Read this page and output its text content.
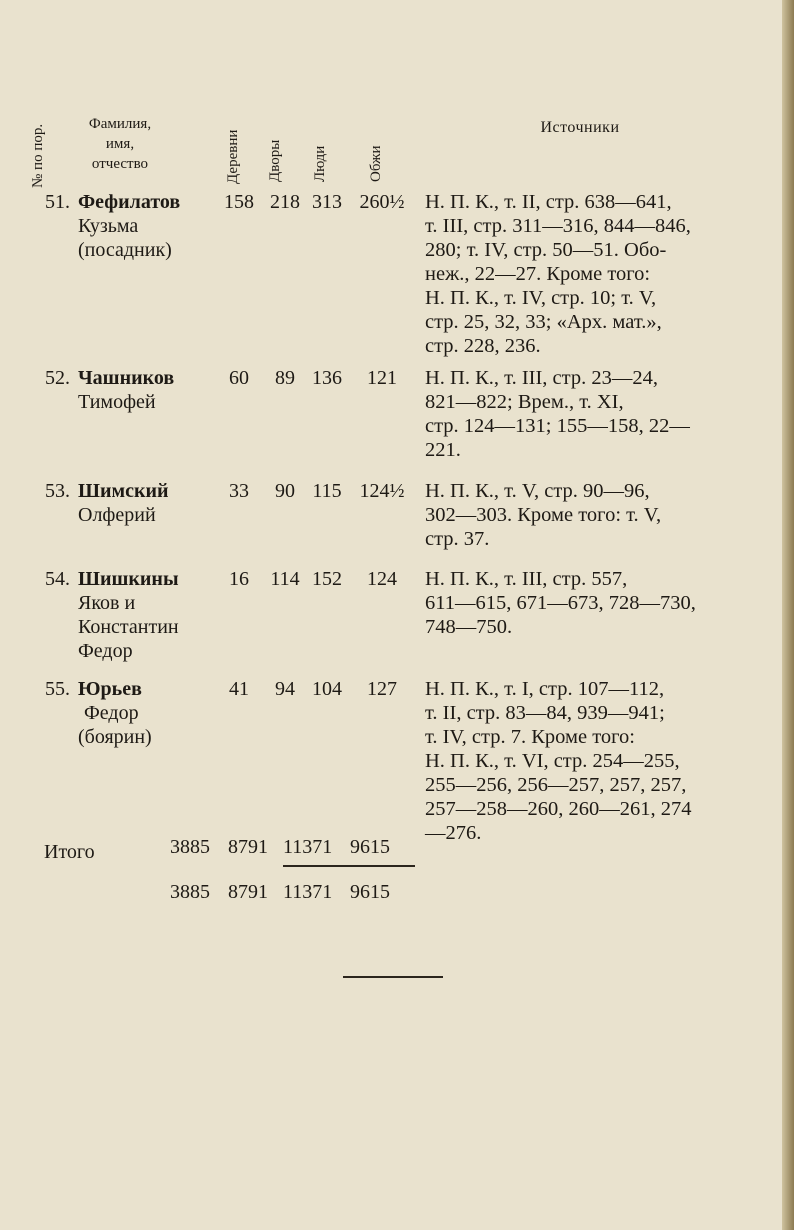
№ по пор.	Фамилия,
имя,
отчество	Деревни Дворы Люди	Обжи
Источники
51. Фефилатов
Кузьма
(посадник)
158 218 313 260½	Н. П. К., т. II, стр. 638—641,
т. III, стр. 311—316, 844—846,
280; т. IV, стр. 50—51. Обо-
неж., 22—27. Кроме того:
Н. П. К., т. IV, стр. 10; т. V,
стр. 25, 32, 33; «Арх. мат.»,
стр. 228, 236.
52. Чашников
Тимофей
60	89 136	121	Н. П. К., т. III, стр. 23—24,
821—822; Врем., т. XI,
стр. 124—131; 155—158, 22—
221.
53. Шимский
Олферий
33	90 115 124½	Н. П. К., т. V, стр. 90—96,
302—303. Кроме того: т. V,
стр. 37.
54. Шишкины
Яков и
Константин
Федор
16	114 152	124	Н. П. К., т. III, стр. 557,
611—615, 671—673, 728—730,
748—750.
55. Юрьев
Федор
(боярин)
41	94 104	127	Н. П. К., т. I, стр. 107—112,
т. II, стр. 83—84, 939—941;
т. IV, стр. 7. Кроме того:
Н. П. К., т. VI, стр. 254—255,
255—256, 256—257, 257, 257,
257—258—260, 260—261, 274
—276.
Итого	3885 8791 11371 9615
3885 8791 11371 9615
